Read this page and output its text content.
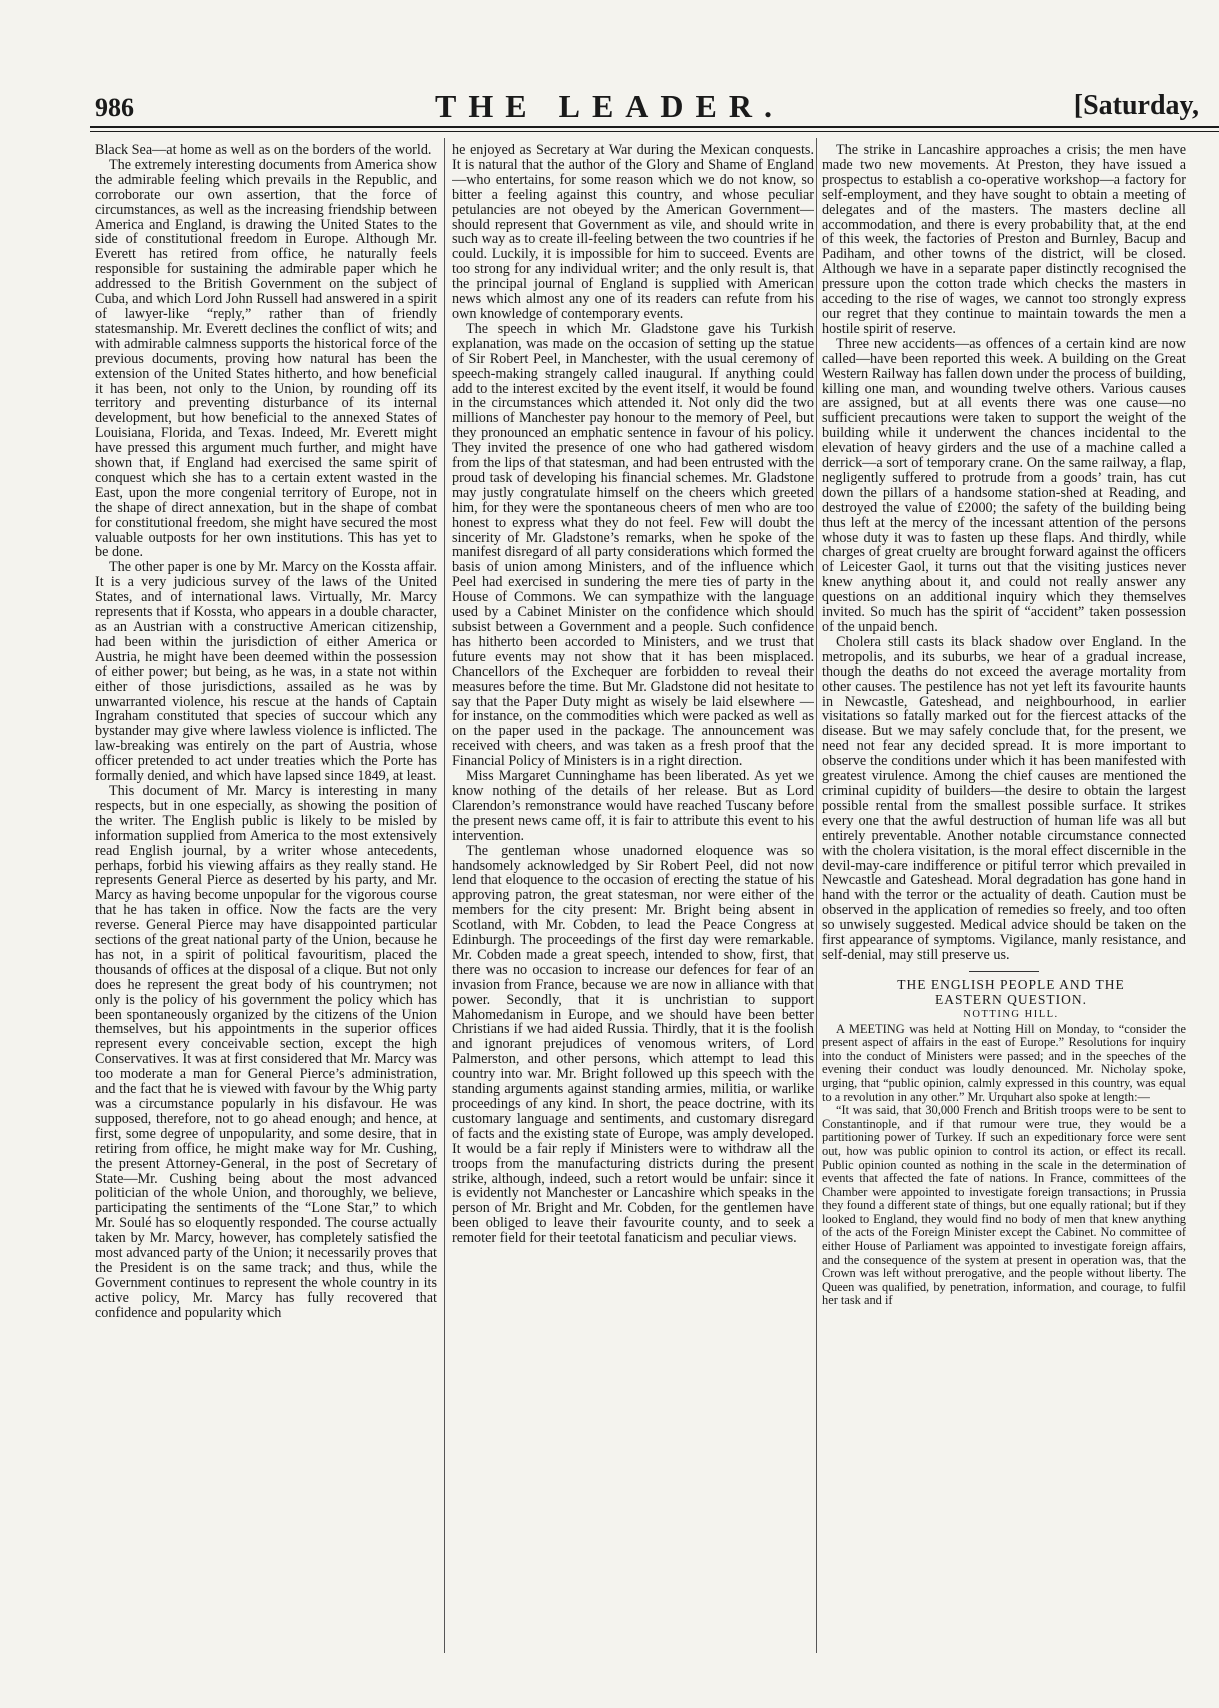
986	THE LEADER.	[Saturday,

Black Sea—at home as well as on the borders of the world.

The extremely interesting documents from America show the admirable feeling which prevails in the Republic, and corroborate our own assertion, that the force of circumstances, as well as the increasing friendship between America and England, is drawing the United States to the side of constitutional freedom in Europe. Although Mr. Everett has retired from office, he naturally feels responsible for sustaining the admirable paper which he addressed to the British Government on the subject of Cuba, and which Lord John Russell had answered in a spirit of lawyer-like “reply,” rather than of friendly statesmanship. Mr. Everett declines the conflict of wits; and with admirable calmness supports the historical force of the previous documents, proving how natural has been the extension of the United States hitherto, and how beneficial it has been, not only to the Union, by rounding off its territory and preventing disturbance of its internal development, but how beneficial to the annexed States of Louisiana, Florida, and Texas. Indeed, Mr. Everett might have pressed this argument much further, and might have shown that, if England had exercised the same spirit of conquest which she has to a certain extent wasted in the East, upon the more congenial territory of Europe, not in the shape of direct annexation, but in the shape of combat for constitutional freedom, she might have secured the most valuable outposts for her own institutions. This has yet to be done.

The other paper is one by Mr. Marcy on the Kossta affair. It is a very judicious survey of the laws of the United States, and of international laws. Virtually, Mr. Marcy represents that if Kossta, who appears in a double character, as an Austrian with a constructive American citizenship, had been within the jurisdiction of either America or Austria, he might have been deemed within the possession of either power; but being, as he was, in a state not within either of those jurisdictions, assailed as he was by unwarranted violence, his rescue at the hands of Captain Ingraham constituted that species of succour which any bystander may give where lawless violence is inflicted. The law-breaking was entirely on the part of Austria, whose officer pretended to act under treaties which the Porte has formally denied, and which have lapsed since 1849, at least.

This document of Mr. Marcy is interesting in many respects, but in one especially, as showing the position of the writer. The English public is likely to be misled by information supplied from America to the most extensively read English journal, by a writer whose antecedents, perhaps, forbid his viewing affairs as they really stand. He represents General Pierce as deserted by his party, and Mr. Marcy as having become unpopular for the vigorous course that he has taken in office. Now the facts are the very reverse. General Pierce may have disappointed particular sections of the great national party of the Union, because he has not, in a spirit of political favouritism, placed the thousands of offices at the disposal of a clique. But not only does he represent the great body of his countrymen; not only is the policy of his government the policy which has been spontaneously organized by the citizens of the Union themselves, but his appointments in the superior offices represent every conceivable section, except the high Conservatives. It was at first considered that Mr. Marcy was too moderate a man for General Pierce’s administration, and the fact that he is viewed with favour by the Whig party was a circumstance popularly in his disfavour. He was supposed, therefore, not to go ahead enough; and hence, at first, some degree of unpopularity, and some desire, that in retiring from office, he might make way for Mr. Cushing, the present Attorney-General, in the post of Secretary of State—Mr. Cushing being about the most advanced politician of the whole Union, and thoroughly, we believe, participating the sentiments of the “Lone Star,” to which Mr. Soulé has so eloquently responded. The course actually taken by Mr. Marcy, however, has completely satisfied the most advanced party of the Union; it necessarily proves that the President is on the same track; and thus, while the Government continues to represent the whole country in its active policy, Mr. Marcy has fully recovered that confidence and popularity which

he enjoyed as Secretary at War during the Mexican conquests. It is natural that the author of the Glory and Shame of England—who entertains, for some reason which we do not know, so bitter a feeling against this country, and whose peculiar petulancies are not obeyed by the American Government—should represent that Government as vile, and should write in such way as to create ill-feeling between the two countries if he could. Luckily, it is impossible for him to succeed. Events are too strong for any individual writer; and the only result is, that the principal journal of England is supplied with American news which almost any one of its readers can refute from his own knowledge of contemporary events.

The speech in which Mr. Gladstone gave his Turkish explanation, was made on the occasion of setting up the statue of Sir Robert Peel, in Manchester, with the usual ceremony of speech-making strangely called inaugural. If anything could add to the interest excited by the event itself, it would be found in the circumstances which attended it. Not only did the two millions of Manchester pay honour to the memory of Peel, but they pronounced an emphatic sentence in favour of his policy. They invited the presence of one who had gathered wisdom from the lips of that statesman, and had been entrusted with the proud task of developing his financial schemes. Mr. Gladstone may justly congratulate himself on the cheers which greeted him, for they were the spontaneous cheers of men who are too honest to express what they do not feel. Few will doubt the sincerity of Mr. Gladstone’s remarks, when he spoke of the manifest disregard of all party considerations which formed the basis of union among Ministers, and of the influence which Peel had exercised in sundering the mere ties of party in the House of Commons. We can sympathize with the language used by a Cabinet Minister on the confidence which should subsist between a Government and a people. Such confidence has hitherto been accorded to Ministers, and we trust that future events may not show that it has been misplaced. Chancellors of the Exchequer are forbidden to reveal their measures before the time. But Mr. Gladstone did not hesitate to say that the Paper Duty might as wisely be laid elsewhere — for instance, on the commodities which were packed as well as on the paper used in the package. The announcement was received with cheers, and was taken as a fresh proof that the Financial Policy of Ministers is in a right direction.

Miss Margaret Cunninghame has been liberated. As yet we know nothing of the details of her release. But as Lord Clarendon’s remonstrance would have reached Tuscany before the present news came off, it is fair to attribute this event to his intervention.

The gentleman whose unadorned eloquence was so handsomely acknowledged by Sir Robert Peel, did not now lend that eloquence to the occasion of erecting the statue of his approving patron, the great statesman, nor were either of the members for the city present: Mr. Bright being absent in Scotland, with Mr. Cobden, to lead the Peace Congress at Edinburgh. The proceedings of the first day were remarkable. Mr. Cobden made a great speech, intended to show, first, that there was no occasion to increase our defences for fear of an invasion from France, because we are now in alliance with that power. Secondly, that it is unchristian to support Mahomedanism in Europe, and we should have been better Christians if we had aided Russia. Thirdly, that it is the foolish and ignorant prejudices of venomous writers, of Lord Palmerston, and other persons, which attempt to lead this country into war. Mr. Bright followed up this speech with the standing arguments against standing armies, militia, or warlike proceedings of any kind. In short, the peace doctrine, with its customary language and sentiments, and customary disregard of facts and the existing state of Europe, was amply developed. It would be a fair reply if Ministers were to withdraw all the troops from the manufacturing districts during the present strike, although, indeed, such a retort would be unfair: since it is evidently not Manchester or Lancashire which speaks in the person of Mr. Bright and Mr. Cobden, for the gentlemen have been obliged to leave their favourite county, and to seek a remoter field for their teetotal fanaticism and peculiar views.

The strike in Lancashire approaches a crisis; the men have made two new movements. At Preston, they have issued a prospectus to establish a co-operative workshop—a factory for self-employment, and they have sought to obtain a meeting of delegates and of the masters. The masters decline all accommodation, and there is every probability that, at the end of this week, the factories of Preston and Burnley, Bacup and Padiham, and other towns of the district, will be closed. Although we have in a separate paper distinctly recognised the pressure upon the cotton trade which checks the masters in acceding to the rise of wages, we cannot too strongly express our regret that they continue to maintain towards the men a hostile spirit of reserve.

Three new accidents—as offences of a certain kind are now called—have been reported this week. A building on the Great Western Railway has fallen down under the process of building, killing one man, and wounding twelve others. Various causes are assigned, but at all events there was one cause—no sufficient precautions were taken to support the weight of the building while it underwent the chances incidental to the elevation of heavy girders and the use of a machine called a derrick—a sort of temporary crane. On the same railway, a flap, negligently suffered to protrude from a goods’ train, has cut down the pillars of a handsome station-shed at Reading, and destroyed the value of £2000; the safety of the building being thus left at the mercy of the incessant attention of the persons whose duty it was to fasten up these flaps. And thirdly, while charges of great cruelty are brought forward against the officers of Leicester Gaol, it turns out that the visiting justices never knew anything about it, and could not really answer any questions on an additional inquiry which they themselves invited. So much has the spirit of “accident” taken possession of the unpaid bench.

Cholera still casts its black shadow over England. In the metropolis, and its suburbs, we hear of a gradual increase, though the deaths do not exceed the average mortality from other causes. The pestilence has not yet left its favourite haunts in Newcastle, Gateshead, and neighbourhood, in earlier visitations so fatally marked out for the fiercest attacks of the disease. But we may safely conclude that, for the present, we need not fear any decided spread. It is more important to observe the conditions under which it has been manifested with greatest virulence. Among the chief causes are mentioned the criminal cupidity of builders—the desire to obtain the largest possible rental from the smallest possible surface. It strikes every one that the awful destruction of human life was all but entirely preventable. Another notable circumstance connected with the cholera visitation, is the moral effect discernible in the devil-may-care indifference or pitiful terror which prevailed in Newcastle and Gateshead. Moral degradation has gone hand in hand with the terror or the actuality of death. Caution must be observed in the application of remedies so freely, and too often so unwisely suggested. Medical advice should be taken on the first appearance of symptoms. Vigilance, manly resistance, and self-denial, may still preserve us.

THE ENGLISH PEOPLE AND THE

EASTERN QUESTION.

NOTTING HILL.

A MEETING was held at Notting Hill on Monday, to “consider the present aspect of affairs in the east of Europe.” Resolutions for inquiry into the conduct of Ministers were passed; and in the speeches of the evening their conduct was loudly denounced. Mr. Nicholay spoke, urging, that “public opinion, calmly expressed in this country, was equal to a revolution in any other.” Mr. Urquhart also spoke at length:—

“It was said, that 30,000 French and British troops were to be sent to Constantinople, and if that rumour were true, they would be a partitioning power of Turkey. If such an expeditionary force were sent out, how was public opinion to control its action, or effect its recall. Public opinion counted as nothing in the scale in the determination of events that affected the fate of nations. In France, committees of the Chamber were appointed to investigate foreign transactions; in Prussia they found a different state of things, but one equally rational; but if they looked to England, they would find no body of men that knew anything of the acts of the Foreign Minister except the Cabinet. No committee of either House of Parliament was appointed to investigate foreign affairs, and the consequence of the system at present in operation was, that the Crown was left without prerogative, and the people without liberty. The Queen was qualified, by penetration, information, and courage, to fulfil her task and if
